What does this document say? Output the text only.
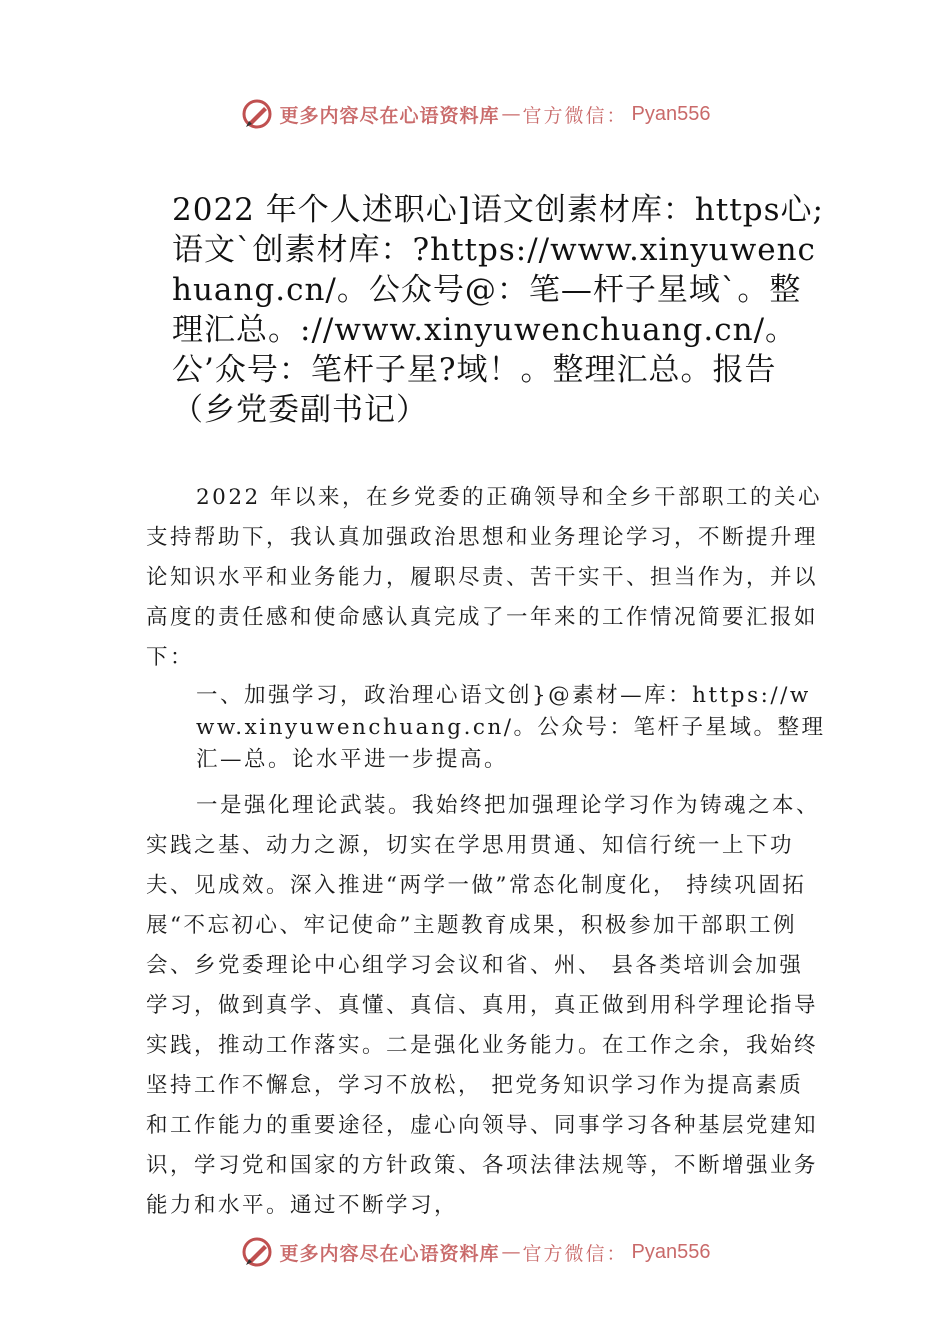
更多内容尽在心语资料库 — 官方微信： Pyan556
2022 年个人述职心]语文创素材库：https心;语文`创素材库：?https://www.xinyuwenchuang.cn/。公众号@：笔—杆子星域`。整理汇总。://www.xinyuwenchuang.cn/。公’众号：笔杆子星?域！。整理汇总。报告（乡党委副书记）

2022 年以来，在乡党委的正确领导和全乡干部职工的关心支持帮助下，我认真加强政治思想和业务理论学习，不断提升理论知识水平和业务能力，履职尽责、苦干实干、担当作为，并以高度的责任感和使命感认真完成了一年来的工作情况简要汇报如下：

一、加强学习，政治理心语文创}@素材—库：https://www.xinyuwenchuang.cn/。公众号：笔杆子星域。整理汇—总。论水平进一步提高。

一是强化理论武装。我始终把加强理论学习作为铸魂之本、实践之基、动力之源，切实在学思用贯通、知信行统一上下功夫、见成效。深入推进“两学一做”常态化制度化， 持续巩固拓展“不忘初心、牢记使命”主题教育成果，积极参加干部职工例会、乡党委理论中心组学习会议和省、州、 县各类培训会加强学习，做到真学、真懂、真信、真用，真正做到用科学理论指导实践，推动工作落实。二是强化业务能力。在工作之余，我始终坚持工作不懈怠，学习不放松， 把党务知识学习作为提高素质和工作能力的重要途径，虚心向领导、同事学习各种基层党建知识，学习党和国家的方针政策、各项法律法规等，不断增强业务能力和水平。通过不断学习，

更多内容尽在心语资料库 — 官方微信： Pyan556
